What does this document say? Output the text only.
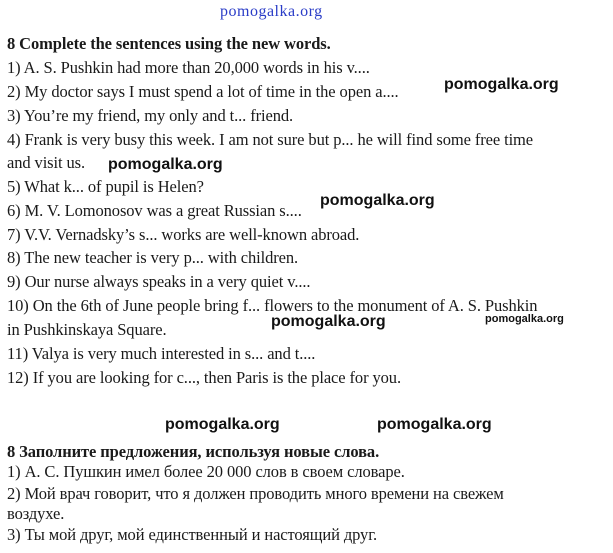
pomogalka.org
8 Complete the sentences using the new words.
1) A. S. Pushkin had more than 20,000 words in his v....
2) My doctor says I must spend a lot of time in the open a....
3) You’re my friend, my only and t... friend.
4) Frank is very busy this week. I am not sure but p... he will find some free time
and visit us.
5) What k... of pupil is Helen?
6) M. V. Lomonosov was a great Russian s....
7) V.V. Vernadsky’s s... works are well-known abroad.
8) The new teacher is very p... with children.
9) Our nurse always speaks in a very quiet v....
10) On the 6th of June people bring f... flowers to the monument of A. S. Pushkin
in Pushkinskaya Square.
11) Valya is very much interested in s... and t....
12) If you are looking for c..., then Paris is the place for you.
8 Заполните предложения, используя новые слова.
1) А. С. Пушкин имел более 20 000 слов в своем словаре.
2) Мой врач говорит, что я должен проводить много времени на свежем
воздухе.
3) Ты мой друг, мой единственный и настоящий друг.
pomogalka.org
pomogalka.org
pomogalka.org
pomogalka.org	pomogalka.org
pomogalka.org	pomogalka.org
